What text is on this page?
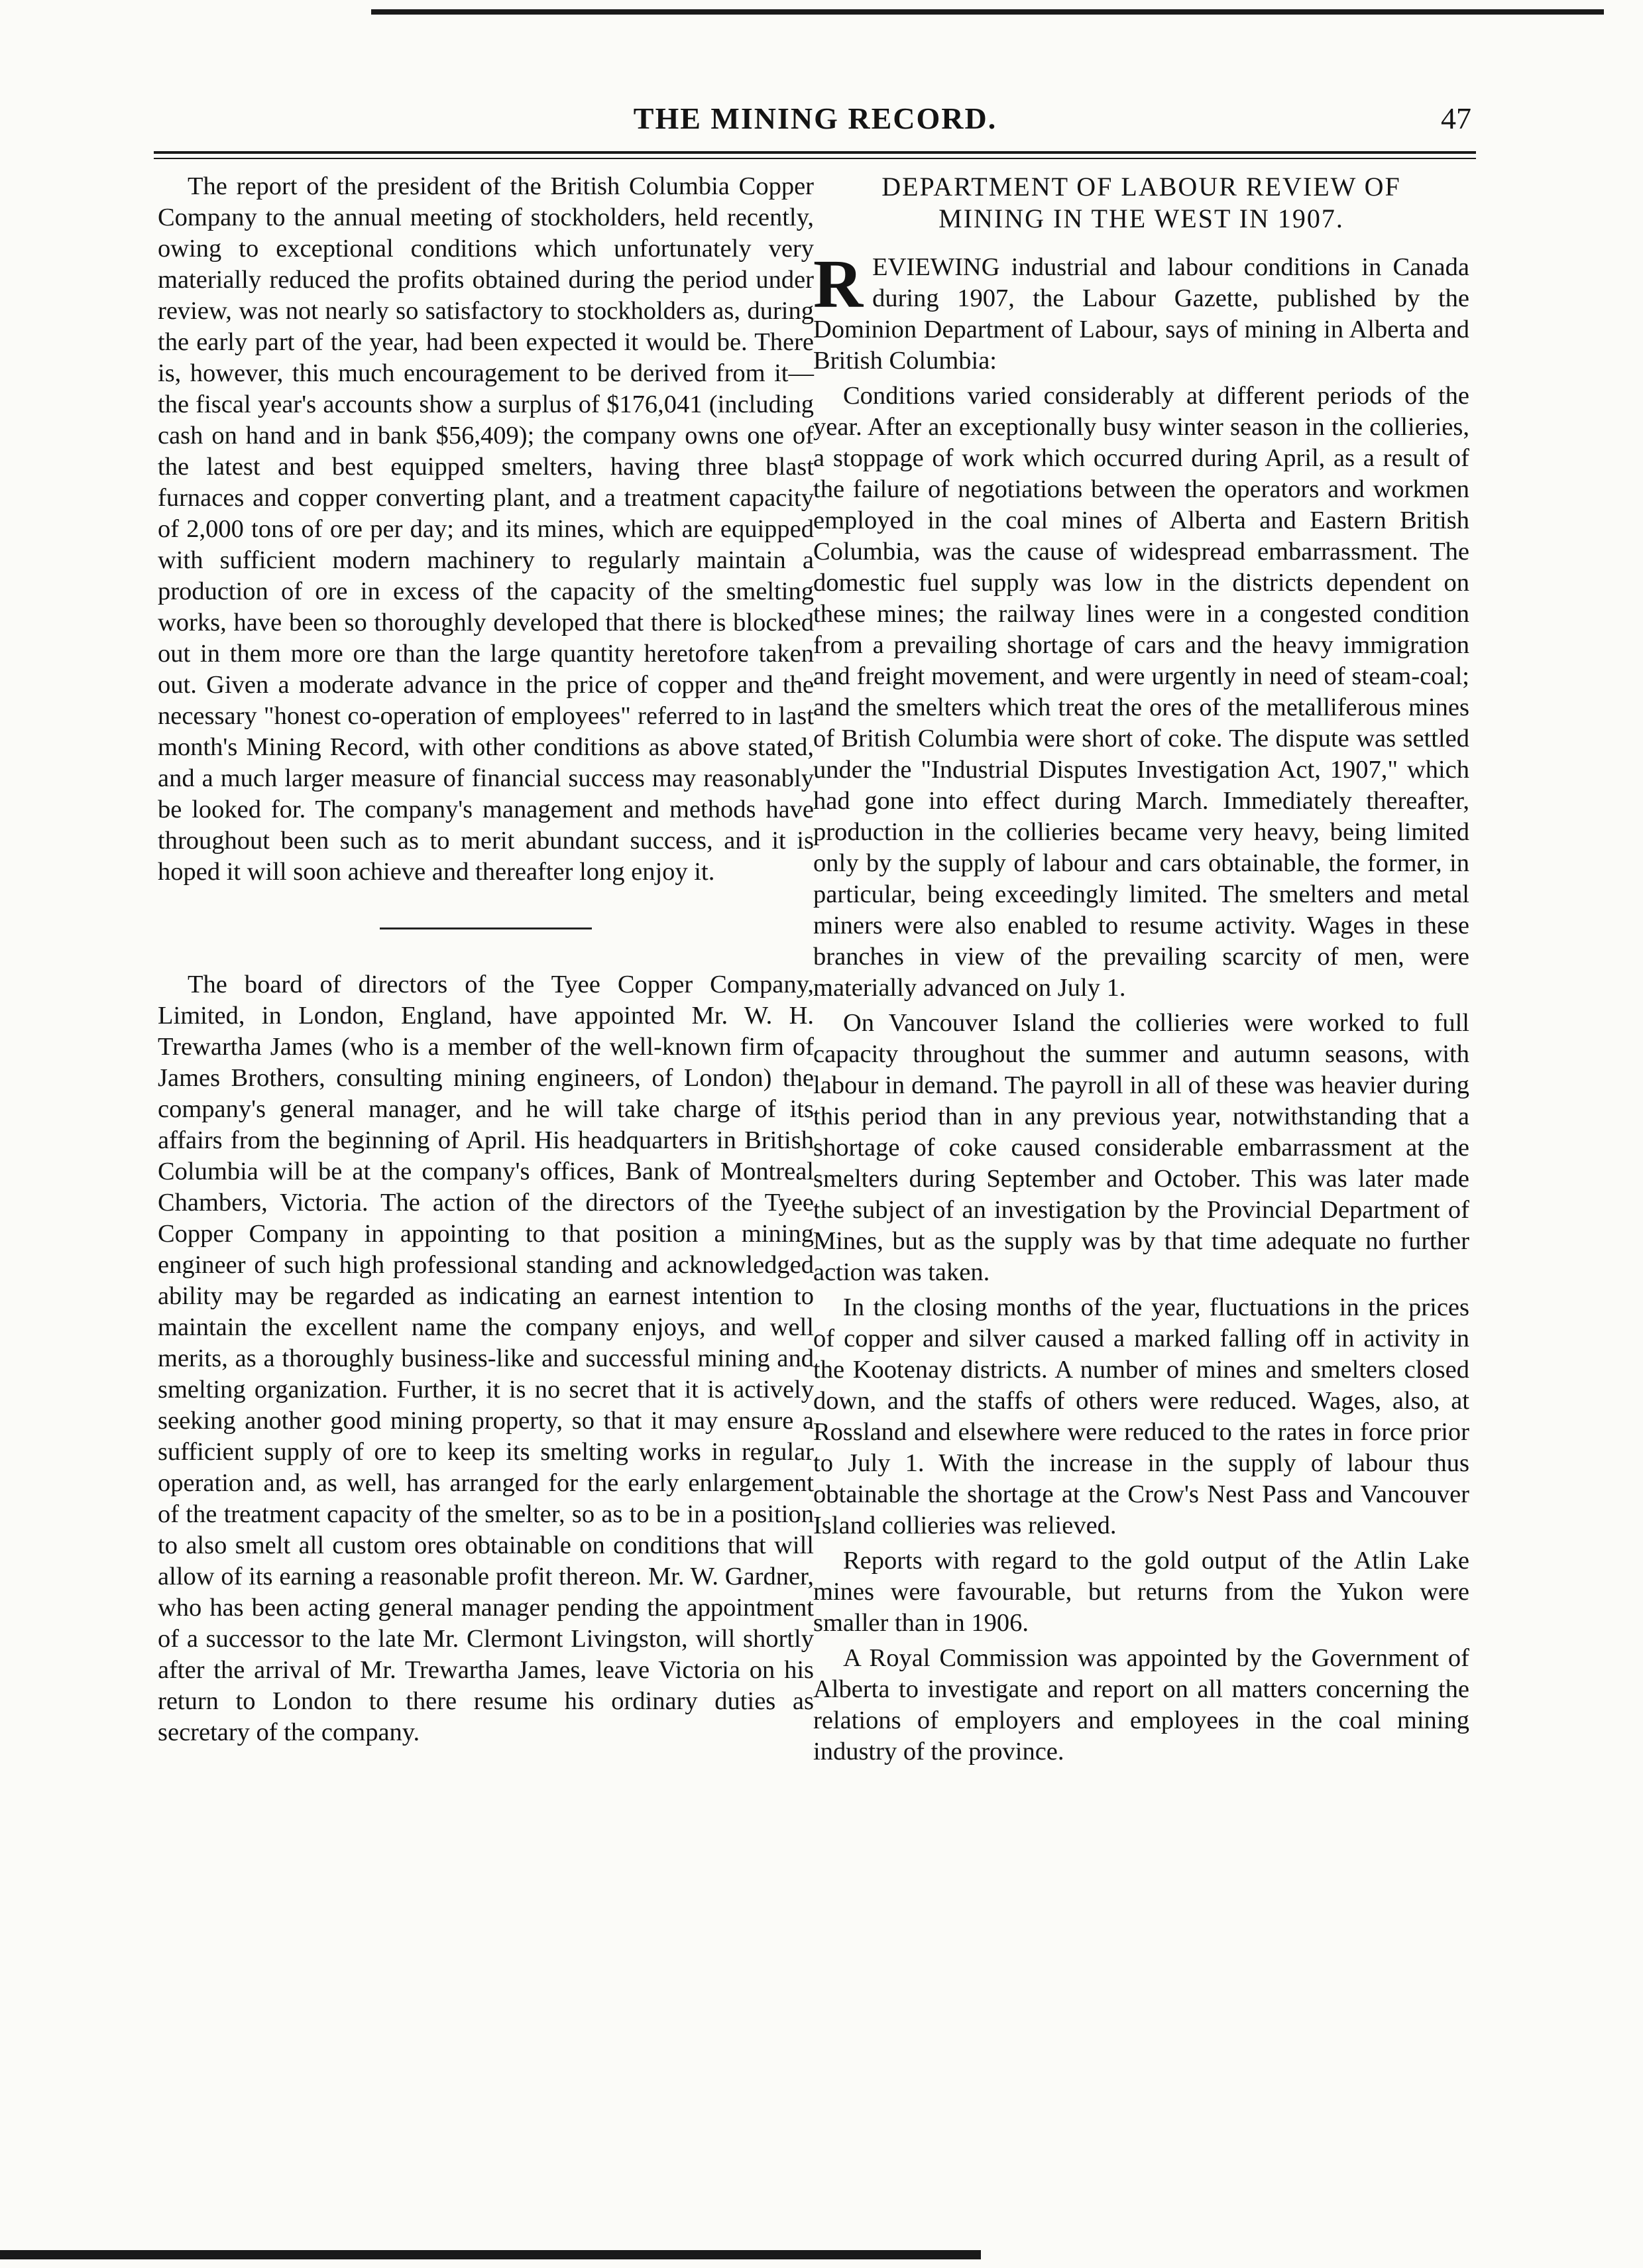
THE MINING RECORD.	47

The report of the president of the British Columbia Copper Company to the annual meeting of stockholders, held recently, owing to exceptional conditions which unfortunately very materially reduced the profits obtained during the period under review, was not nearly so satisfactory to stockholders as, during the early part of the year, had been expected it would be. There is, however, this much encouragement to be derived from it—the fiscal year's accounts show a surplus of $176,041 (including cash on hand and in bank $56,409); the company owns one of the latest and best equipped smelters, having three blast furnaces and copper converting plant, and a treatment capacity of 2,000 tons of ore per day; and its mines, which are equipped with sufficient modern machinery to regularly maintain a production of ore in excess of the capacity of the smelting works, have been so thoroughly developed that there is blocked out in them more ore than the large quantity heretofore taken out. Given a moderate advance in the price of copper and the necessary "honest co-operation of employees" referred to in last month's Mining Record, with other conditions as above stated, and a much larger measure of financial success may reasonably be looked for. The company's management and methods have throughout been such as to merit abundant success, and it is hoped it will soon achieve and thereafter long enjoy it.

The board of directors of the Tyee Copper Company, Limited, in London, England, have appointed Mr. W. H. Trewartha James (who is a member of the well-known firm of James Brothers, consulting mining engineers, of London) the company's general manager, and he will take charge of its affairs from the beginning of April. His headquarters in British Columbia will be at the company's offices, Bank of Montreal Chambers, Victoria. The action of the directors of the Tyee Copper Company in appointing to that position a mining engineer of such high professional standing and acknowledged ability may be regarded as indicating an earnest intention to maintain the excellent name the company enjoys, and well merits, as a thoroughly business-like and successful mining and smelting organization. Further, it is no secret that it is actively seeking another good mining property, so that it may ensure a sufficient supply of ore to keep its smelting works in regular operation and, as well, has arranged for the early enlargement of the treatment capacity of the smelter, so as to be in a position to also smelt all custom ores obtainable on conditions that will allow of its earning a reasonable profit thereon. Mr. W. Gardner, who has been acting general manager pending the appointment of a successor to the late Mr. Clermont Livingston, will shortly after the arrival of Mr. Trewartha James, leave Victoria on his return to London to there resume his ordinary duties as secretary of the company.

DEPARTMENT OF LABOUR REVIEW OF
MINING IN THE WEST IN 1907.

REVIEWING industrial and labour conditions in Canada during 1907, the Labour Gazette, published by the Dominion Department of Labour, says of mining in Alberta and British Columbia:

Conditions varied considerably at different periods of the year. After an exceptionally busy winter season in the collieries, a stoppage of work which occurred during April, as a result of the failure of negotiations between the operators and workmen employed in the coal mines of Alberta and Eastern British Columbia, was the cause of widespread embarrassment. The domestic fuel supply was low in the districts dependent on these mines; the railway lines were in a congested condition from a prevailing shortage of cars and the heavy immigration and freight movement, and were urgently in need of steam-coal; and the smelters which treat the ores of the metalliferous mines of British Columbia were short of coke. The dispute was settled under the "Industrial Disputes Investigation Act, 1907," which had gone into effect during March. Immediately thereafter, production in the collieries became very heavy, being limited only by the supply of labour and cars obtainable, the former, in particular, being exceedingly limited. The smelters and metal miners were also enabled to resume activity. Wages in these branches in view of the prevailing scarcity of men, were materially advanced on July 1.

On Vancouver Island the collieries were worked to full capacity throughout the summer and autumn seasons, with labour in demand. The payroll in all of these was heavier during this period than in any previous year, notwithstanding that a shortage of coke caused considerable embarrassment at the smelters during September and October. This was later made the subject of an investigation by the Provincial Department of Mines, but as the supply was by that time adequate no further action was taken.

In the closing months of the year, fluctuations in the prices of copper and silver caused a marked falling off in activity in the Kootenay districts. A number of mines and smelters closed down, and the staffs of others were reduced. Wages, also, at Rossland and elsewhere were reduced to the rates in force prior to July 1. With the increase in the supply of labour thus obtainable the shortage at the Crow's Nest Pass and Vancouver Island collieries was relieved.

Reports with regard to the gold output of the Atlin Lake mines were favourable, but returns from the Yukon were smaller than in 1906.

A Royal Commission was appointed by the Government of Alberta to investigate and report on all matters concerning the relations of employers and employees in the coal mining industry of the province.
